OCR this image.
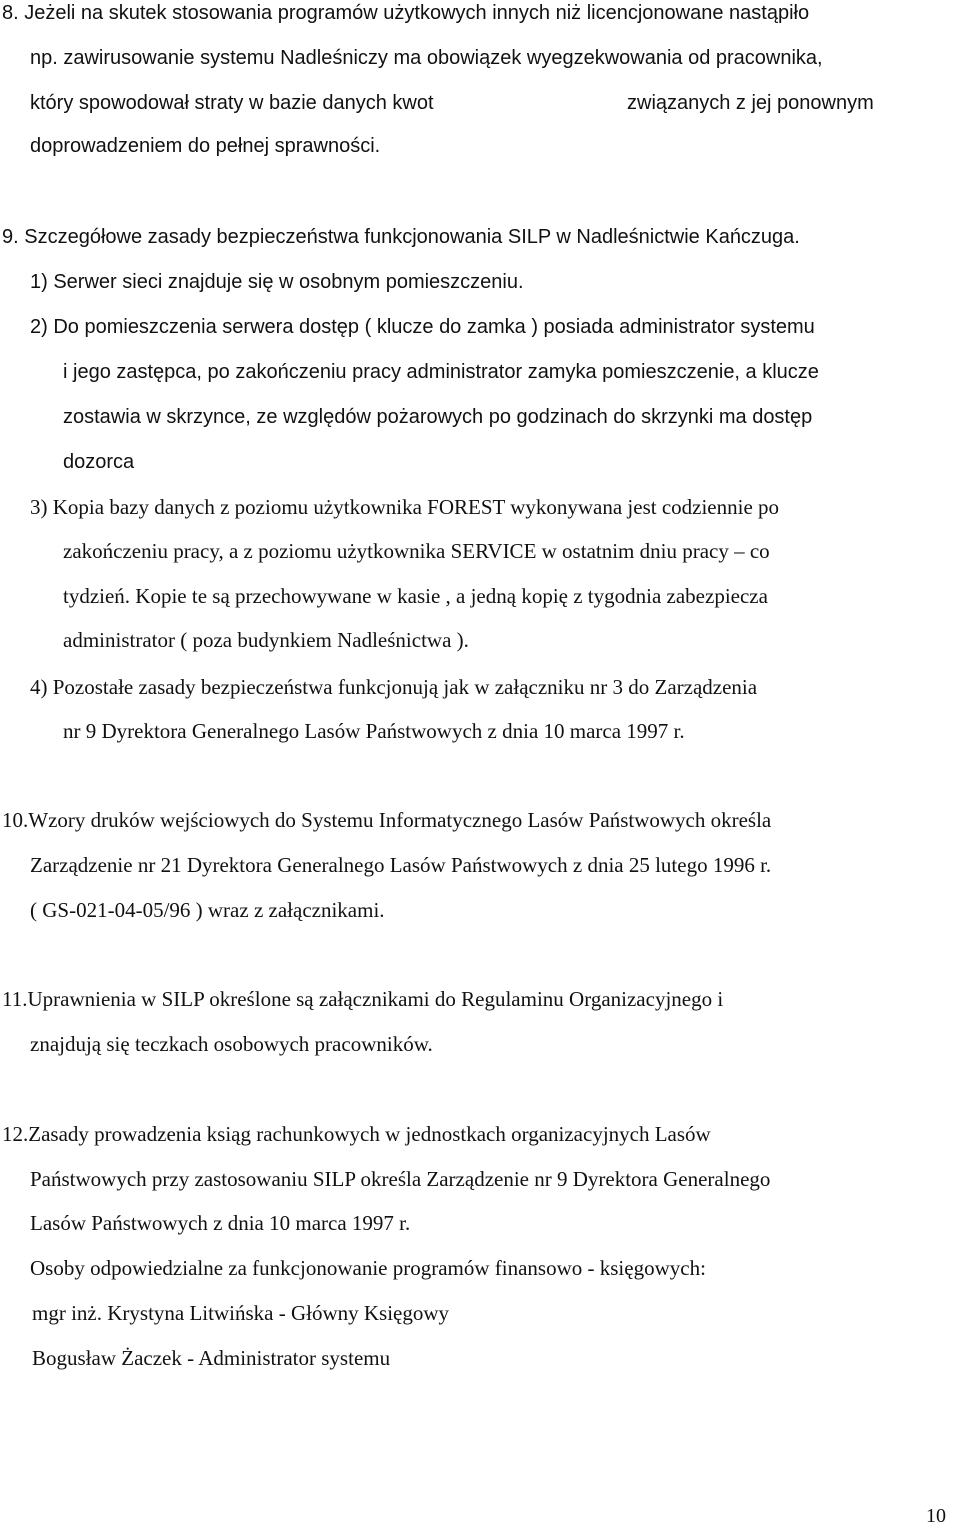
8. Jeżeli na skutek stosowania programów użytkowych innych niż licencjonowane nastąpiło
np. zawirusowanie systemu Nadleśniczy ma obowiązek wyegzekwowania od pracownika,
który spowodował straty w bazie danych kwot	związanych z jej ponownym
doprowadzeniem do pełnej sprawności.
9. Szczegółowe zasady bezpieczeństwa funkcjonowania SILP w Nadleśnictwie Kańczuga.
1) Serwer sieci znajduje się w osobnym pomieszczeniu.
2) Do pomieszczenia serwera dostęp ( klucze do zamka ) posiada administrator systemu
i jego zastępca, po zakończeniu pracy administrator zamyka pomieszczenie, a klucze
zostawia w skrzynce, ze względów pożarowych po godzinach do skrzynki ma dostęp
dozorca
3) Kopia bazy danych z poziomu użytkownika FOREST wykonywana jest codziennie po
zakończeniu pracy, a z poziomu użytkownika SERVICE w ostatnim dniu pracy – co
tydzień. Kopie te są przechowywane w kasie , a jedną kopię z tygodnia zabezpiecza
administrator ( poza budynkiem Nadleśnictwa ).
4) Pozostałe zasady bezpieczeństwa funkcjonują jak w załączniku nr 3 do Zarządzenia
nr 9 Dyrektora Generalnego Lasów Państwowych z dnia 10 marca 1997 r.
10.Wzory druków wejściowych do Systemu Informatycznego Lasów Państwowych określa
Zarządzenie nr 21 Dyrektora Generalnego Lasów Państwowych z dnia 25 lutego 1996 r.
( GS-021-04-05/96 ) wraz z załącznikami.
11.Uprawnienia w SILP określone są załącznikami do Regulaminu Organizacyjnego i
znajdują się teczkach osobowych pracowników.
12.Zasady prowadzenia ksiąg rachunkowych w jednostkach organizacyjnych Lasów
Państwowych przy zastosowaniu SILP określa Zarządzenie nr 9 Dyrektora Generalnego
Lasów Państwowych z dnia 10 marca 1997 r.
Osoby odpowiedzialne za funkcjonowanie programów finansowo - księgowych:
mgr inż. Krystyna Litwińska - Główny Księgowy
Bogusław Żaczek - Administrator systemu
10
